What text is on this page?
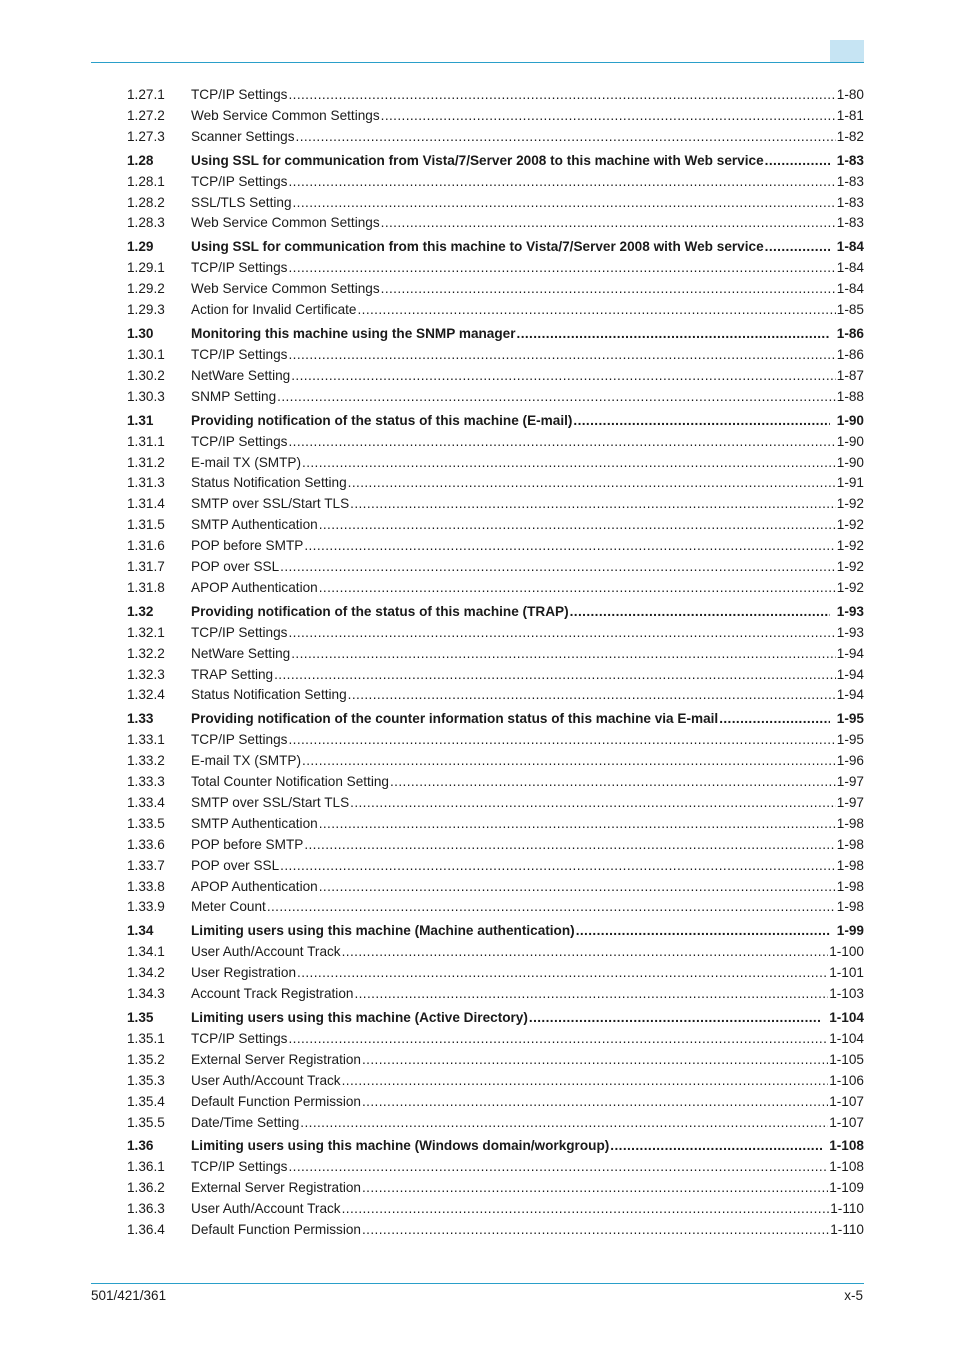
1.27.1	TCP/IP Settings .....	1-80
1.27.2	Web Service Common Settings .....	1-81
1.27.3	Scanner Settings .....	1-82
1.28	Using SSL for communication from Vista/7/Server 2008 to this machine with Web service .....	1-83
1.28.1	TCP/IP Settings .....	1-83
1.28.2	SSL/TLS Setting .....	1-83
1.28.3	Web Service Common Settings .....	1-83
1.29	Using SSL for communication from this machine to Vista/7/Server 2008 with Web service .....	1-84
1.29.1	TCP/IP Settings .....	1-84
1.29.2	Web Service Common Settings .....	1-84
1.29.3	Action for Invalid Certificate .....	1-85
1.30	Monitoring this machine using the SNMP manager .....	1-86
1.30.1	TCP/IP Settings .....	1-86
1.30.2	NetWare Setting .....	1-87
1.30.3	SNMP Setting .....	1-88
1.31	Providing notification of the status of this machine (E-mail) .....	1-90
1.31.1	TCP/IP Settings .....	1-90
1.31.2	E-mail TX (SMTP) .....	1-90
1.31.3	Status Notification Setting .....	1-91
1.31.4	SMTP over SSL/Start TLS .....	1-92
1.31.5	SMTP Authentication .....	1-92
1.31.6	POP before SMTP .....	1-92
1.31.7	POP over SSL .....	1-92
1.31.8	APOP Authentication .....	1-92
1.32	Providing notification of the status of this machine (TRAP) .....	1-93
1.32.1	TCP/IP Settings .....	1-93
1.32.2	NetWare Setting .....	1-94
1.32.3	TRAP Setting .....	1-94
1.32.4	Status Notification Setting .....	1-94
1.33	Providing notification of the counter information status of this machine via E-mail .....	1-95
1.33.1	TCP/IP Settings .....	1-95
1.33.2	E-mail TX (SMTP) .....	1-96
1.33.3	Total Counter Notification Setting .....	1-97
1.33.4	SMTP over SSL/Start TLS .....	1-97
1.33.5	SMTP Authentication .....	1-98
1.33.6	POP before SMTP .....	1-98
1.33.7	POP over SSL .....	1-98
1.33.8	APOP Authentication .....	1-98
1.33.9	Meter Count .....	1-98
1.34	Limiting users using this machine (Machine authentication) .....	1-99
1.34.1	User Auth/Account Track .....	1-100
1.34.2	User Registration .....	1-101
1.34.3	Account Track Registration .....	1-103
1.35	Limiting users using this machine (Active Directory) .....	1-104
1.35.1	TCP/IP Settings .....	1-104
1.35.2	External Server Registration .....	1-105
1.35.3	User Auth/Account Track .....	1-106
1.35.4	Default Function Permission .....	1-107
1.35.5	Date/Time Setting .....	1-107
1.36	Limiting users using this machine (Windows domain/workgroup) .....	1-108
1.36.1	TCP/IP Settings .....	1-108
1.36.2	External Server Registration .....	1-109
1.36.3	User Auth/Account Track .....	1-110
1.36.4	Default Function Permission .....	1-110
501/421/361	x-5
